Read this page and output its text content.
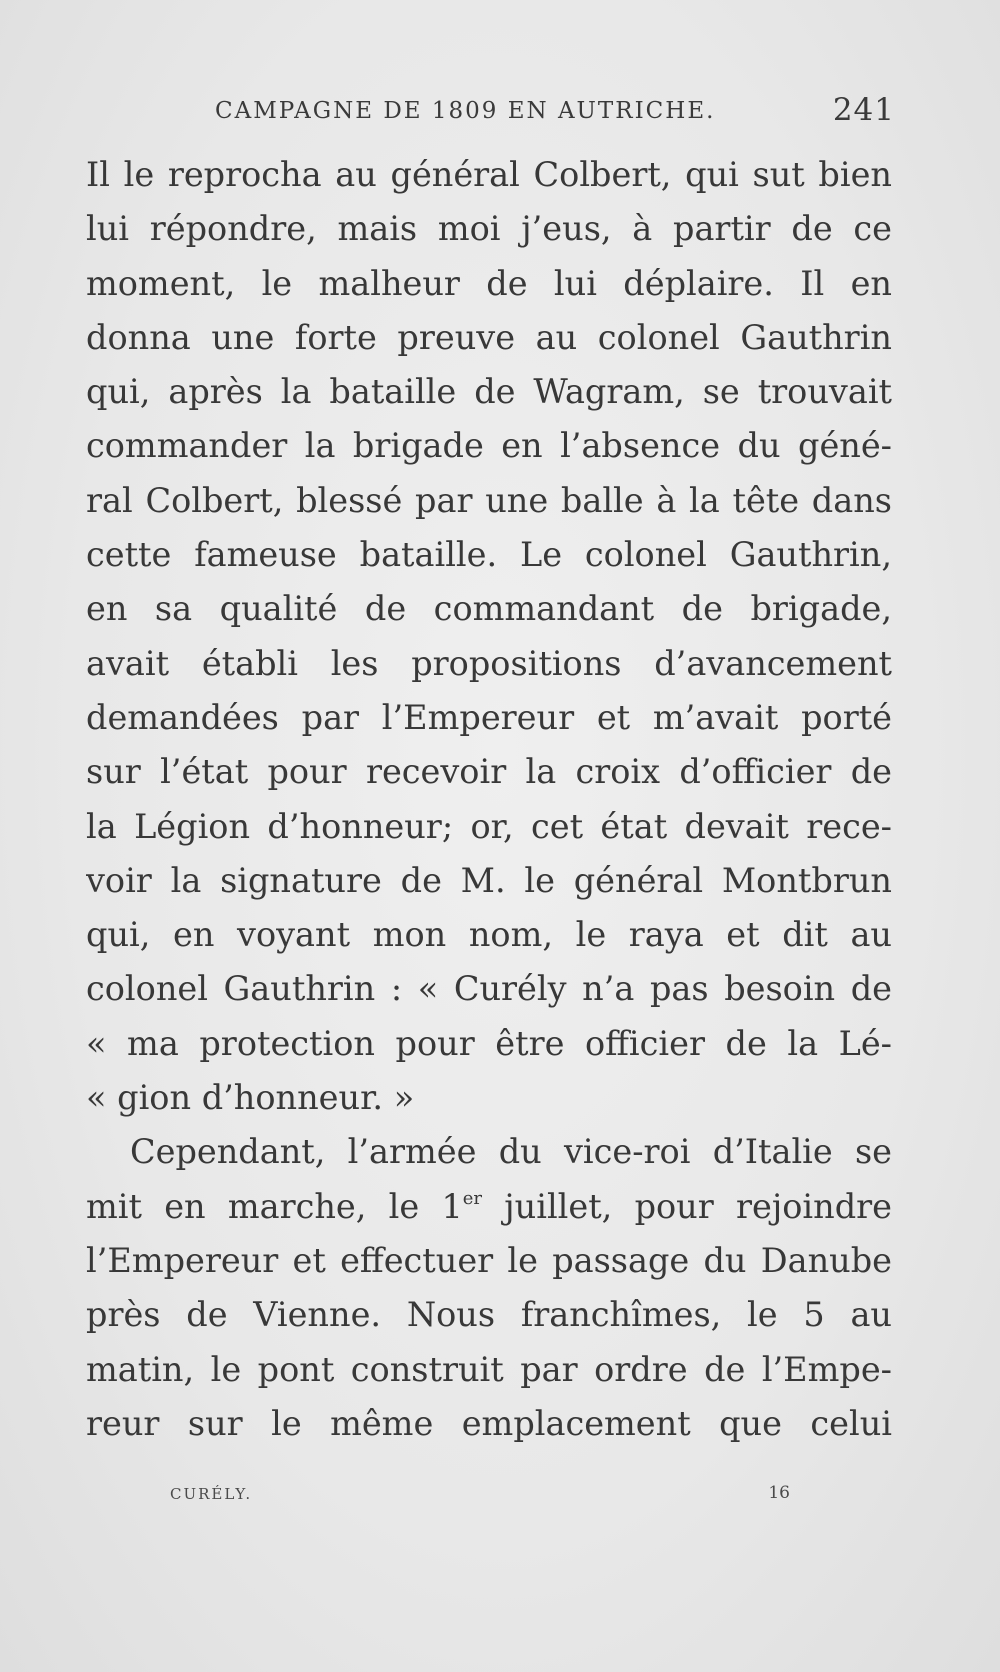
CAMPAGNE DE 1809 EN AUTRICHE.	241
Il le reprocha au général Colbert, qui sut bien
lui répondre, mais moi j’eus, à partir de ce
moment, le malheur de lui déplaire. Il en
donna une forte preuve au colonel Gauthrin
qui, après la bataille de Wagram, se trouvait
commander la brigade en l’absence du géné-
ral Colbert, blessé par une balle à la tête dans
cette fameuse bataille. Le colonel Gauthrin,
en sa qualité de commandant de brigade,
avait établi les propositions d’avancement
demandées par l’Empereur et m’avait porté
sur l’état pour recevoir la croix d’officier de
la Légion d’honneur; or, cet état devait rece-
voir la signature de M. le général Montbrun
qui, en voyant mon nom, le raya et dit au
colonel Gauthrin : « Curély n’a pas besoin de
« ma protection pour être officier de la Lé-
« gion d’honneur. »
Cependant, l’armée du vice-roi d’Italie se
mit en marche, le 1er juillet, pour rejoindre
l’Empereur et effectuer le passage du Danube
près de Vienne. Nous franchîmes, le 5 au
matin, le pont construit par ordre de l’Empe-
reur sur le même emplacement que celui
CURÉLY.	16
